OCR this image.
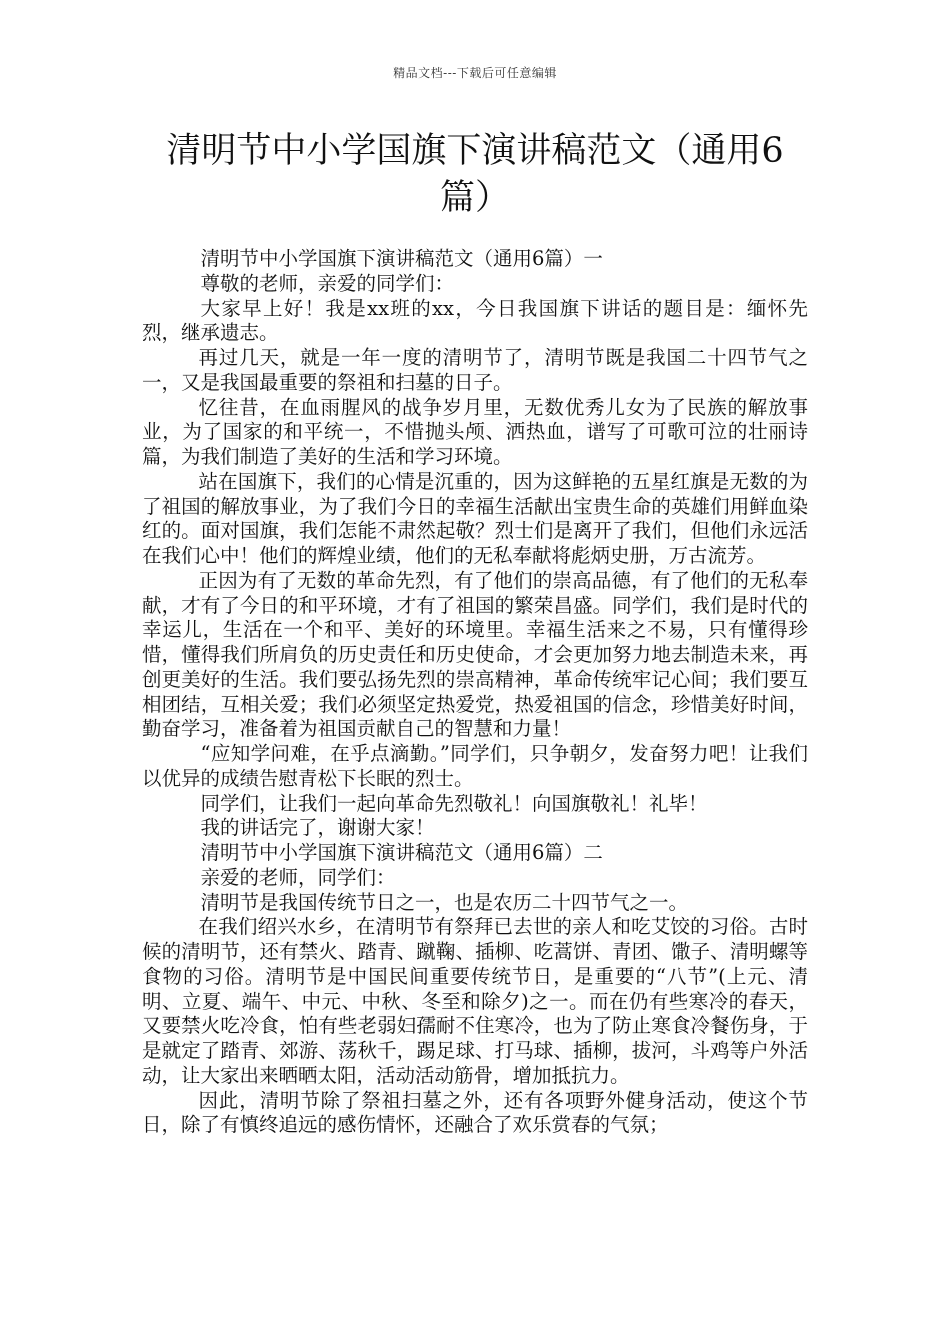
精品文档---下载后可任意编辑
清明节中小学国旗下演讲稿范文（通用6篇）

清明节中小学国旗下演讲稿范文（通用6篇）一

尊敬的老师，亲爱的同学们：

大家早上好！我是xx班的xx，今日我国旗下讲话的题目是：缅怀先烈，继承遗志。

再过几天，就是一年一度的清明节了，清明节既是我国二十四节气之一，又是我国最重要的祭祖和扫墓的日子。

忆往昔，在血雨腥风的战争岁月里，无数优秀儿女为了民族的解放事业，为了国家的和平统一，不惜抛头颅、洒热血，谱写了可歌可泣的壮丽诗篇，为我们制造了美好的生活和学习环境。

站在国旗下，我们的心情是沉重的，因为这鲜艳的五星红旗是无数的为了祖国的解放事业，为了我们今日的幸福生活献出宝贵生命的英雄们用鲜血染红的。面对国旗，我们怎能不肃然起敬？烈士们是离开了我们，但他们永远活在我们心中！他们的辉煌业绩，他们的无私奉献将彪炳史册，万古流芳。

正因为有了无数的革命先烈，有了他们的崇高品德，有了他们的无私奉献，才有了今日的和平环境，才有了祖国的繁荣昌盛。同学们，我们是时代的幸运儿，生活在一个和平、美好的环境里。幸福生活来之不易，只有懂得珍惜，懂得我们所肩负的历史责任和历史使命，才会更加努力地去制造未来，再创更美好的生活。我们要弘扬先烈的崇高精神，革命传统牢记心间；我们要互相团结，互相关爱；我们必须坚定热爱党，热爱祖国的信念，珍惜美好时间，勤奋学习，准备着为祖国贡献自己的智慧和力量！

“应知学问难，在乎点滴勤。”同学们，只争朝夕，发奋努力吧！让我们以优异的成绩告慰青松下长眠的烈士。

同学们，让我们一起向革命先烈敬礼！向国旗敬礼！礼毕！

我的讲话完了，谢谢大家！

清明节中小学国旗下演讲稿范文（通用6篇）二

亲爱的老师，同学们：

清明节是我国传统节日之一，也是农历二十四节气之一。

在我们绍兴水乡，在清明节有祭拜已去世的亲人和吃艾饺的习俗。古时候的清明节，还有禁火、踏青、蹴鞠、插柳、吃蒿饼、青团、馓子、清明螺等食物的习俗。清明节是中国民间重要传统节日，是重要的“八节”(上元、清明、立夏、端午、中元、中秋、冬至和除夕)之一。而在仍有些寒冷的春天，又要禁火吃冷食，怕有些老弱妇孺耐不住寒冷，也为了防止寒食冷餐伤身，于是就定了踏青、郊游、荡秋千，踢足球、打马球、插柳，拔河，斗鸡等户外活动，让大家出来晒晒太阳，活动活动筋骨，增加抵抗力。

因此，清明节除了祭祖扫墓之外，还有各项野外健身活动，使这个节日，除了有慎终追远的感伤情怀，还融合了欢乐赏春的气氛；
